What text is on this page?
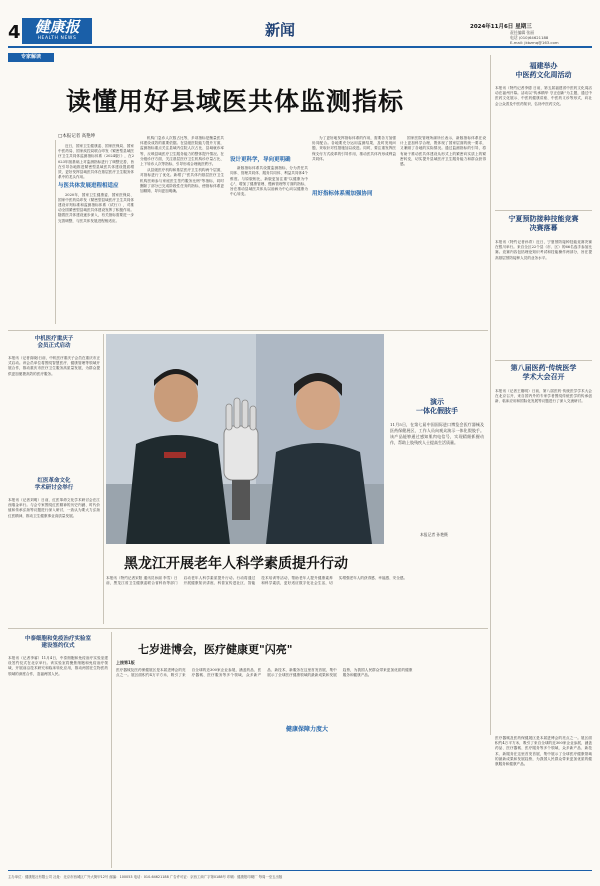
4 健康报
HEALTH NEWS	新闻	2024年11月6日 星期三
责任编辑 张丽
电话 (010)64621188
E-mail: jkbzmq@163.com
专家解读
读懂用好县域医共体监测指标
□本报记者 高艳坤

近日，国家卫生健康委、国家医保局、国家中医药局、国家疾控局联合印发《紧密型县域医疗卫生共同体监测指标体系（2024版）》，在2023年版基础上对监测指标进行了调整完善，旨在引导各地推进紧密型县域医共体建设提质增效，更好发挥县域医共体在基层医疗卫生服务体系中的龙头作用。

与医共体发展进程相适应

2020年，国家卫生健康委、国家医保局、国家中医药局印发《紧密型县域医疗卫生共同体建设评判标准和监测指标体系（试行）》，对推动全国紧密型县域医共体建设发挥了积极作用。随着医共体建设逐步深入，有关指标需要进一步完善调整，与医共体发展进程相适应。

机构门急诊人次数占比等，多项指标是衡量医共体建设成效的重要依据。在县级医院能力提升方面，监测指标重点关注县域内住院人次占比、县域就诊率等，反映县域医疗卫生服务能力的整体提升情况。在分级诊疗方面，关注基层医疗卫生机构诊疗量占比、上下转诊人次等指标，引导形成合理就医秩序。

从县级医疗机构和基层医疗卫生机构两个层面，对指标进行了优化。新增了"医共体内基层医疗卫生机构医师参与家庭医生签约服务比例"等指标，同时删除了部分已完成阶段性任务的指标，使指标体系更加精简、导向更加明确。

设计更科学，导向更明确

新版指标体系共设置监测指标，分为责任共同体、管理共同体、服务共同体、利益共同体4个维度。与原版相比，新版更加注重"以健康为中心"，增加了健康管理、慢病管理等方面的指标，旨在推动县域医共体从以治病为中心向以健康为中心转变。

为了更好地发挥指标体系的作用，需要各方加强协同配合。各地要充分运用监测结果，及时发现问题，采取针对性措施加以改进。同时，要注重发挥医保支付方式改革的引导作用，推动医共体内形成利益共同体。

用好指标体系需加强协同

国家医院管理所副所长表示，新版指标体系在设计上更加科学合理，既体现了国家层面的统一要求，又兼顾了各地的实际情况。通过监测指标的引导，将有助于推动医共体建设从形式上的紧密向实质上的紧密转变，切实提升县域医疗卫生服务能力和群众获得感。

福建举办
中医药文化周活动
本报讯（特约记者李德 日前，第五届福建省中医药文化周活动在福州开幕。活动以"传承精华 守正创新"为主题，通过中医药文化展示、中医药健康讲座、中医药义诊等形式，向社会公众普及中医药知识，弘扬中医药文化。
宁夏预防接种技能竞赛
决赛落幕
本报讯（特约记者孙青）近日，宁夏预防接种技能竞赛决赛在银川举行。来自全区22个县（市、区）的66名选手参加比赛。竞赛内容包括理论知识考试和技能操作两部分，旨在提高基层预防接种人员的业务水平。
第八届医药·传统医学
学术大会召开
本报讯（记者王刚明）日前，第八届医药·传统医学学术大会在北京召开，来自国内外的专家学者围绕传统医学的传承创新、临床应用和国际化发展等议题进行了深入交流研讨。
中机医疗重庆子
会员正式启动
本报讯（记者高晓)日前，中机医疗重庆子会员在重庆市正式启动。该会员单位将围绕智慧医疗、健康管理等领域开展合作，推动重庆市医疗卫生服务高质量发展，为群众提供更加便捷高效的医疗服务。
红医革命文化
学术研讨会举行
本报讯（记者刘明）日前，红医革命文化学术研讨会在江西瑞金举行。与会专家围绕红医精神的历史内涵、时代价值和传承弘扬等议题进行深入研讨，一致认为要大力弘扬红医精神，推动卫生健康事业高质量发展。
演示
一体化假肢手
11月5日，在第七届中国国际进口博览会医疗器械及医药保健展区，工作人员向观众演示一体化假肢手。该产品能够通过感知肌肉电信号，实现精细抓握动作，帮助上肢残疾人士提高生活质量。
本报记者 孙艳摄
黑龙江开展老年人科学素质提升行动
本报讯（特约记者宋阳 通讯员孙丽 李雪）日前，黑龙江省卫生健康委联合省科协等部门启动老年人科学素质提升行动。行动将通过开展健康知识讲座、科普宣传进社区、智能技术培训等活动，帮助老年人提升健康素养和科学素质，更好适应数字化社会生活，切实增强老年人的获得感、幸福感、安全感。
中泰细胞和免疫治疗实验室
建设签约仪式
本报讯（记者李睿）11月4日，中泰细胞和免疫治疗实验室建设签约仪式在北京举行。该实验室将聚焦细胞和免疫治疗领域，开展前沿技术研究和临床转化应用，推动两国在生物医药领域的深度合作，造福两国人民。
七岁进博会，医疗健康更"闪亮"
上接第1版
医疗器械及医药保健展区是本届进博会的亮点之一。展区面积约4万平方米，吸引了来自全球的近300家企业参展，涵盖药品、医疗器械、医疗服务等多个领域，众多新产品、新技术、新服务在这里首发首展，集中展示了全球医疗健康领域的最新成果和发展趋势，为我国人民群众带来更加优质的健康服务和健康产品。
健康保障力度大
医疗器械及医药保健展区是本届进博会的亮点之一。展区面积约4万平方米，吸引了来自全球的近300家企业参展，涵盖药品、医疗器械、医疗服务等多个领域，众多新产品、新技术、新服务在这里首发首展，集中展示了全球医疗健康领域的最新成果和发展趋势，为我国人民群众带来更加优质的健康服务和健康产品。
主办单位：健康报社有限公司 社址：北京市西城区广外大街甲12号 邮编：100053 电话：010-64621188 广告许可证：京西工商广字第0188号 印刷：健康报印刷厂 每周一至五出版
